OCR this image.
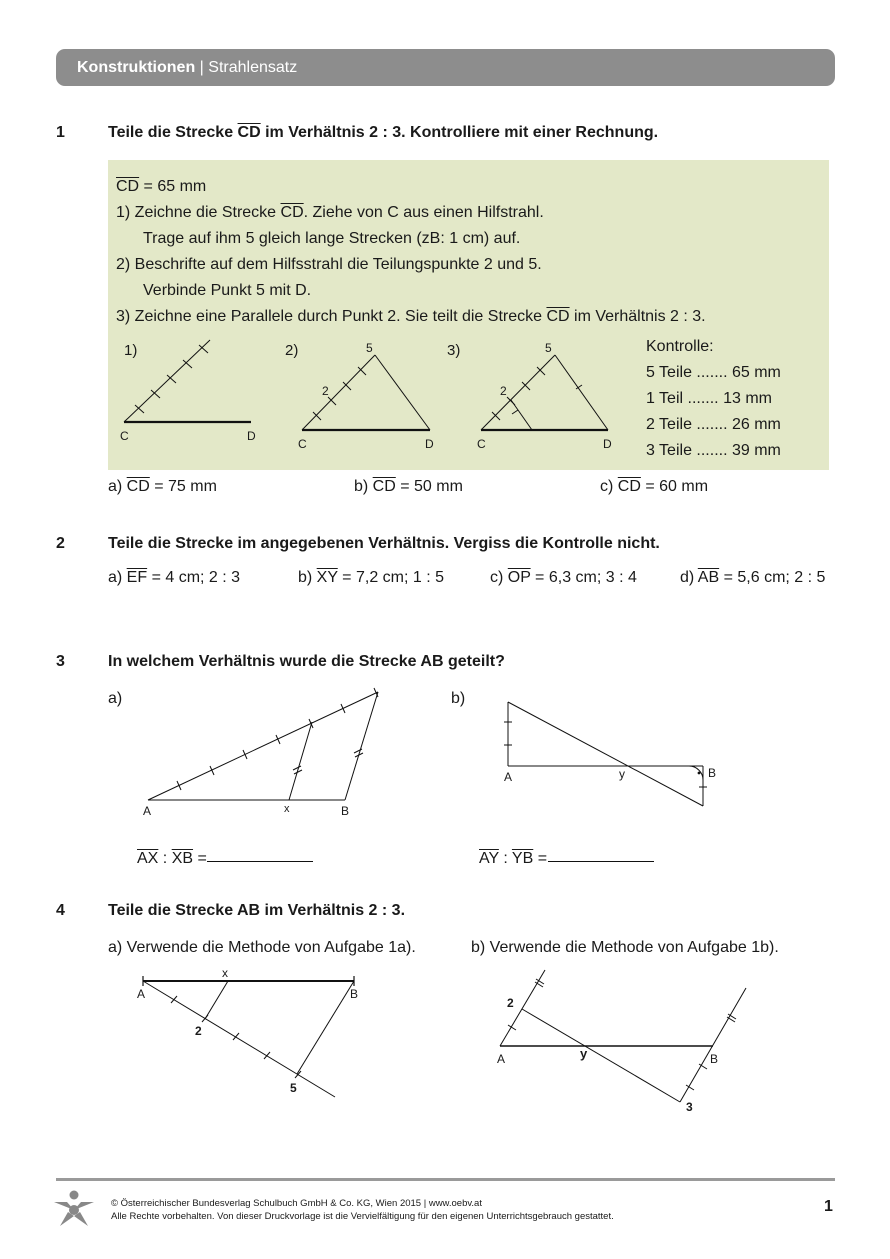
Konstruktionen | Strahlensatz
1	Teile die Strecke $\overline{CD}$ im Verhältnis 2 : 3. Kontrolliere mit einer Rechnung.
$\overline{CD} = 65$ mm
1) Zeichne die Strecke $\overline{CD}$. Ziehe von C aus einen Hilfstrahl.
Trage auf ihm 5 gleich lange Strecken (zB: 1 cm) auf.
2) Beschrifte auf dem Hilfsstrahl die Teilungspunkte 2 und 5.
Verbinde Punkt 5 mit D.
3) Zeichne eine Parallele durch Punkt 2. Sie teilt die Strecke $\overline{CD}$ im Verhältnis 2 : 3.
1)
C	D
2)
2
5
C	D
3)
2
5
C	D
Kontrolle:
5 Teile ....... 65 mm
1 Teil ....... 13 mm
2 Teile ....... 26 mm
3 Teile ....... 39 mm
a) $\overline{CD} = 75$ mm	b) $\overline{CD} = 50$ mm	c) $\overline{CD} = 60$ mm
2	Teile die Strecke im angegebenen Verhältnis. Vergiss die Kontrolle nicht.
a) $\overline{EF} = 4$ cm; 2 : 3	b) $\overline{XY} = 7,2$ cm; 1 : 5	c) $\overline{OP} = 6,3$ cm; 3 : 4	d) $\overline{AB} = 5,6$ cm; 2 : 5
3	In welchem Verhältnis wurde die Strecke AB geteilt?
a)	b)
A	B
x
A	B
y
$\overline{AX}$ : $\overline{XB}$ =	$\overline{AY}$ : $\overline{YB}$ =
4	Teile die Strecke AB im Verhältnis 2 : 3.
a) Verwende die Methode von Aufgabe 1a).	b) Verwende die Methode von Aufgabe 1b).
A	B
x
2
5
A	B
y
2
3
© Österreichischer Bundesverlag Schulbuch GmbH & Co. KG, Wien 2015 | www.oebv.at
Alle Rechte vorbehalten. Von dieser Druckvorlage ist die Vervielfältigung für den eigenen Unterrichtsgebrauch gestattet.
1
